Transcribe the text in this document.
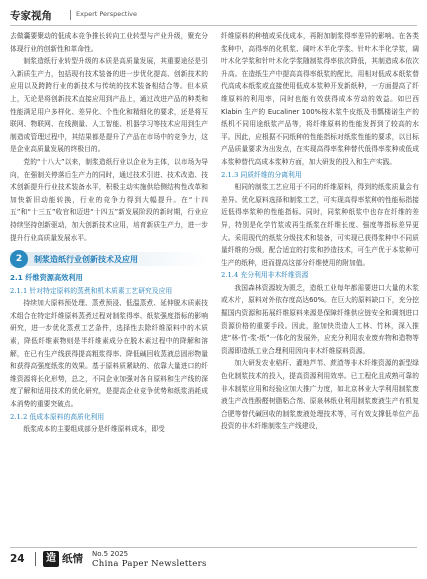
专家视角	Expert Perspective

去做囊要聚动的低成本竞争推长转向工业转型与产业升级，聚充分体现行业的创新性和革命性。

制浆造纸行业转型升级的本质是高质量发展，其重要途径是引入新质生产力，包括现有技术装备的进一步优化提高、创新技术的应用以及跨跨行业的新技术与传统的技术装备相结合等。但本质上，无论是将创新技术直接应用到产品上，通过改进产品的种类和性能满足用户多样化、差异化、个性化和精细化的要求，还是将互联网、物联网、在线测量、人工智能、机器学习等技术应用到生产制造或管理过程中，其结果都是提升了产品在市场中的竞争力，这是企业高质量发展的终极目的。

党的“十八大”以来，制浆造纸行业以企业为主体，以市场为导向，在强制关停落后生产力的同时，通过技术引进、技术改造、技术创新提升行业技术装备水平，积极主动实施供给侧结构性改革和加快新旧动能转换，行业的竞争力得到大幅提升。在“十四五”和“十三五”收官和迈进“十四五”新发展阶段的新时期，行业应持续坚持创新驱动，加大创新技术应用，培育新质生产力，进一步提升行业高质量发展水平。

2	制浆造纸行业创新技术及应用
2.1 纤维资源高效利用
2.1.1 针对特定原料的蒸煮和机木质素工艺研究及应用

持续加大原料预处理、蒸煮预浸、低温蒸煮、延伸脱木质素技术组合在特定纤维原料蒸煮过程对制浆得率、纸浆强度指标的影响研究，进一步优化蒸煮工艺条件，选择性去除纤维原料中的木质素，降低纤维素物则是半纤维素成分在脱木素过程中的降解和溶解，在已有生产线获得提高粗浆得率、降低碱回收蒸液总固形物量和获得高强度纸浆的效果。基于原料质紧缺的、依靠大量进口的纤维资源将长化形势，总之，不同企业加强对各自原料和生产线的深度了解和适用技术的优化研究，是提高企业竞争优势和纸浆消耗成本消势的重要突破点。

2.1.2 低成本原料的高质化利用

纸浆成本的主要组成部分是纤维原料成本，即受

纤维原料的种植或采伐成本，再附加制浆得率差异的影响。在各类浆种中，高得率的化机浆、阔叶木半化学浆、针叶木半化学浆，阔叶木化学浆和针叶木化学浆随制浆得率依次降低，其制造成本依次升高。在造纸生产中提高高得率纸浆的配比，用相对低成本纸浆替代高成本纸浆或直接使用低成本浆种开发新纸种，一方面提高了纤维原料的利用率，同时也能有效获得成本劳动的效益。如巴西 Klabin 生产的 Eucaliner 100%桉木浆牛皮纸及书瓢楼诺生产的纸机不同用途纸浆产品等，将纤维原料的性能发挥到了较高的水平。因此，应根据不同纸种的性能指标对纸浆性能的要求，以目标产品质量要求为出发点，在实现高得率浆种替代低得率浆种或低成本浆种替代高成本浆种方面，加大研发的投入和生产实践。

2.1.3 同质纤维的分离利用

相同的制浆工艺应用于不同的纤维原料，得到的纸浆质量会有差异。优化原料选择和制浆工艺，可实现高得率浆种的性能标指接近低得率浆种的性能指标。同时，同浆种纸浆中也存在纤维的差异，特别是化学竹浆或再生纸浆在纤维长度、强度等指标差异更大。采用现代的纸浆分级技术和装备，可实现已获得浆种中不同质量纤维的分级，配合适宜的打浆和抄造技术，可生产优于本浆种可生产的纸种，进而提高这部分纤维使用的附加值。

2.1.4 充分利用非木纤维资源

我国森林资源较为匮乏，造纸工业每年都需要进口大量的木浆或木片，原料对外依存度高达60%。在巨大的原料缺口下，充分挖掘国内资源和拓展纤维原料来源是保障纤维供应链安全和调剂进口资源价格的重要手段。因此，脸加快贵造人工林、竹林，深入推进“林-竹-浆-纸”一体化的发展外，应充分利用农业废弃物和造物等资源即造纸工业合理利用因向非木纤维原料资源。

加大研发农业秸秆、灌地芦苇、蔗渣等非木纤维资源的新型绿色化制浆技术的投入，提高资源利用效率。已工程化且成熟可靠的非木制浆应用和经验应加大推广力度，如北京林业大学利用制浆废液生产改性酚醛树脂粘合剂、原泉林纸业利用制浆废液生产有机复合肥等替代碱回收的制浆废液处理技术等，可有效支撑低单位产品投资的非木纤维制浆生产线建设，

24	造 纸情 No.5 2025
China Paper Newsletters
